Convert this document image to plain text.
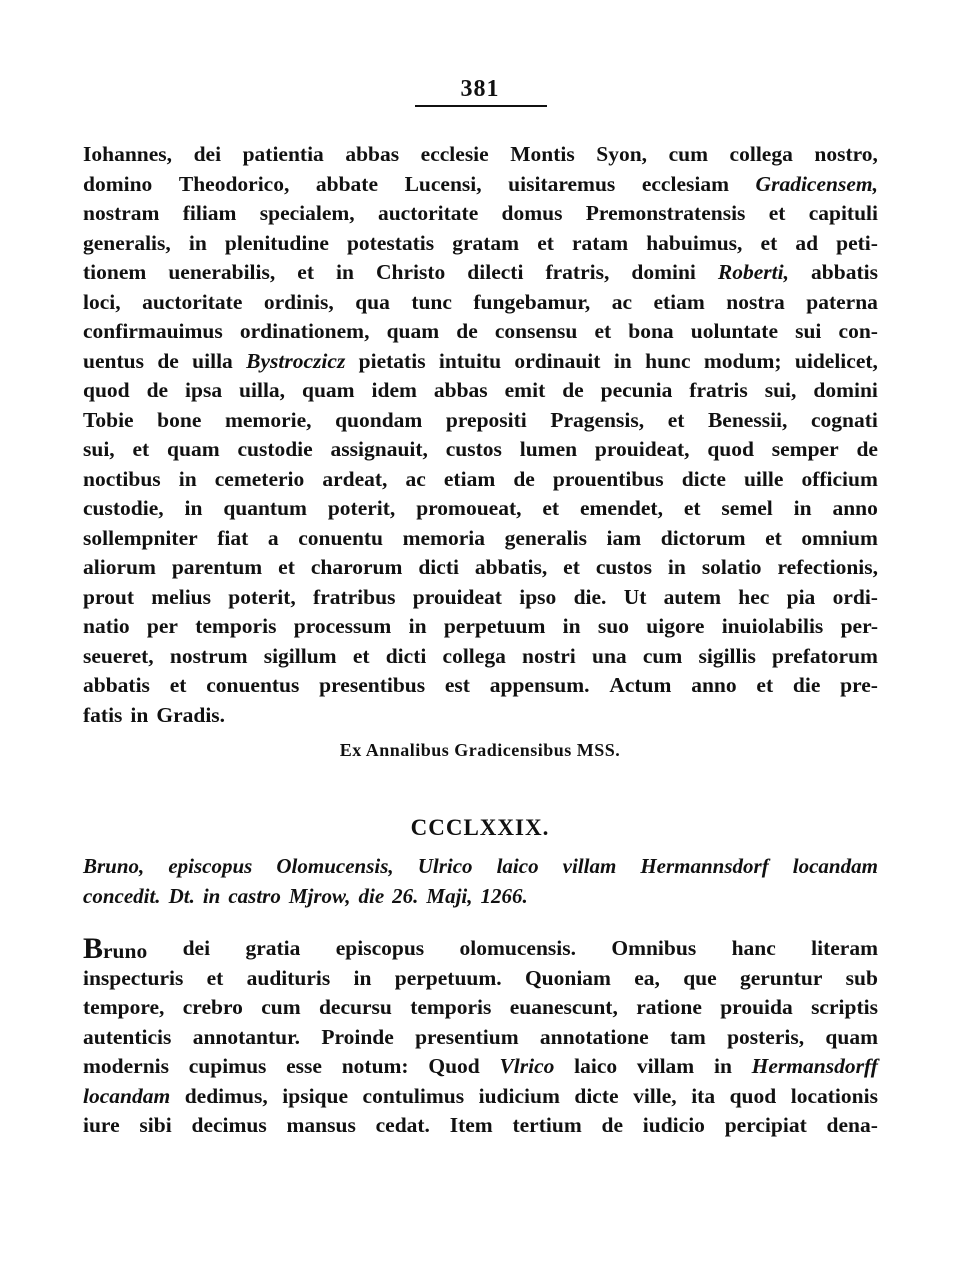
381
Iohannes, dei patientia abbas ecclesie Montis Syon, cum collega nostro,
domino Theodorico, abbate Lucensi, uisitaremus ecclesiam Gradicensem,
nostram filiam specialem, auctoritate domus Premonstratensis et capituli
generalis, in plenitudine potestatis gratam et ratam habuimus, et ad peti-
tionem uenerabilis, et in Christo dilecti fratris, domini Roberti, abbatis
loci, auctoritate ordinis, qua tunc fungebamur, ac etiam nostra paterna
confirmauimus ordinationem, quam de consensu et bona uoluntate sui con-
uentus de uilla Bystroczicz pietatis intuitu ordinauit in hunc modum; uidelicet,
quod de ipsa uilla, quam idem abbas emit de pecunia fratris sui, domini
Tobie bone memorie, quondam prepositi Pragensis, et Benessii, cognati
sui, et quam custodie assignauit, custos lumen prouideat, quod semper de
noctibus in cemeterio ardeat, ac etiam de prouentibus dicte uille officium
custodie, in quantum poterit, promoueat, et emendet, et semel in anno
sollempniter fiat a conuentu memoria generalis iam dictorum et omnium
aliorum parentum et charorum dicti abbatis, et custos in solatio refectionis,
prout melius poterit, fratribus prouideat ipso die. Ut autem hec pia ordi-
natio per temporis processum in perpetuum in suo uigore inuiolabilis per-
seueret, nostrum sigillum et dicti collega nostri una cum sigillis prefatorum
abbatis et conuentus presentibus est appensum. Actum anno et die pre-
fatis in Gradis.
Ex Annalibus Gradicensibus MSS.
CCCLXXIX.
Bruno, episcopus Olomucensis, Ulrico laico villam Hermannsdorf locandam
concedit. Dt. in castro Mjrow, die 26. Maji, 1266.
Bruno dei gratia episcopus olomucensis. Omnibus hanc literam
inspecturis et audituris in perpetuum. Quoniam ea, que geruntur sub
tempore, crebro cum decursu temporis euanescunt, ratione prouida scriptis
autenticis annotantur. Proinde presentium annotatione tam posteris, quam
modernis cupimus esse notum: Quod Vlrico laico villam in Hermansdorff
locandam dedimus, ipsique contulimus iudicium dicte ville, ita quod locationis
iure sibi decimus mansus cedat. Item tertium de iudicio percipiat dena-
